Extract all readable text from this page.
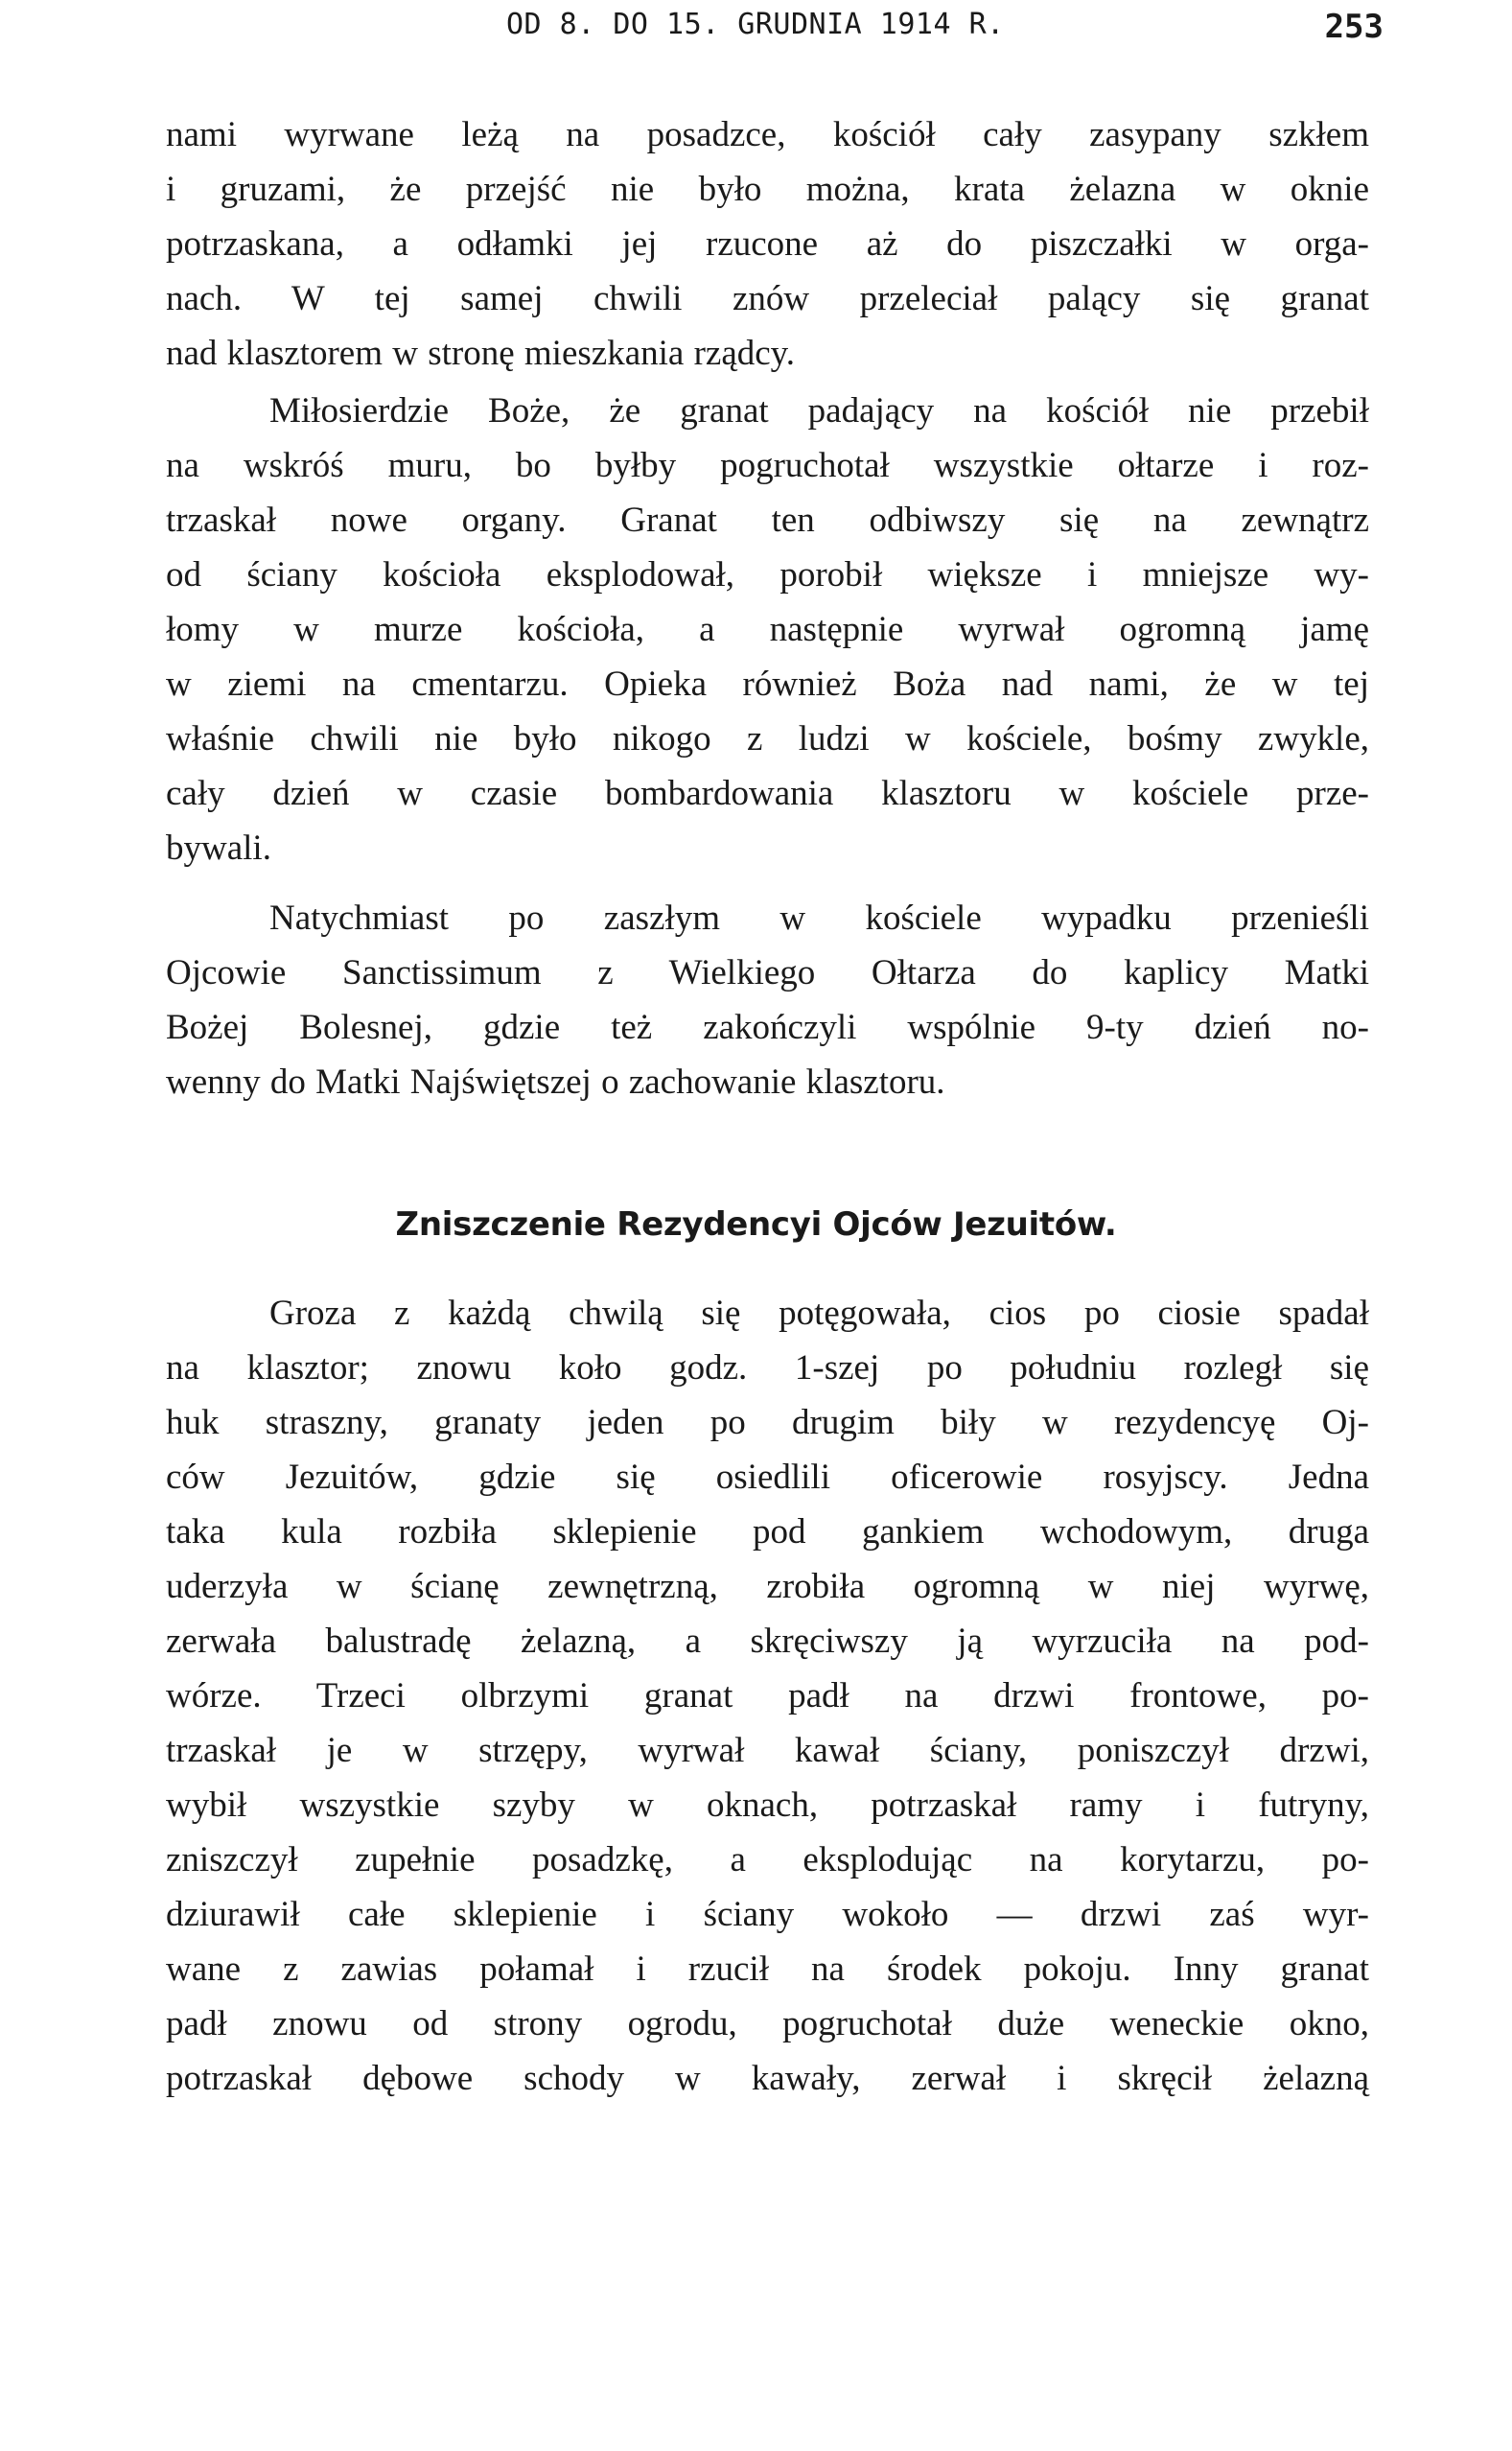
OD 8. DO 15. GRUDNIA 1914 R.	253
nami wyrwane leżą na posadzce, kościół cały zasypany szkłem
i gruzami, że przejść nie było można, krata żelazna w oknie
potrzaskana, a odłamki jej rzucone aż do piszczałki w orga-
nach. W tej samej chwili znów przeleciał palący się granat
nad klasztorem w stronę mieszkania rządcy.
Miłosierdzie Boże, że granat padający na kościół nie przebił
na wskróś muru, bo byłby pogruchotał wszystkie ołtarze i roz-
trzaskał nowe organy. Granat ten odbiwszy się na zewnątrz
od ściany kościoła eksplodował, porobił większe i mniejsze wy-
łomy w murze kościoła, a następnie wyrwał ogromną jamę
w ziemi na cmentarzu. Opieka również Boża nad nami, że w tej
właśnie chwili nie było nikogo z ludzi w kościele, bośmy zwykle,
cały dzień w czasie bombardowania klasztoru w kościele prze-
bywali.
Natychmiast po zaszłym w kościele wypadku przenieśli
Ojcowie Sanctissimum z Wielkiego Ołtarza do kaplicy Matki
Bożej Bolesnej, gdzie też zakończyli wspólnie 9-ty dzień no-
wenny do Matki Najświętszej o zachowanie klasztoru.
Zniszczenie Rezydencyi Ojców Jezuitów.
Groza z każdą chwilą się potęgowała, cios po ciosie spadał
na klasztor; znowu koło godz. 1-szej po południu rozległ się
huk straszny, granaty jeden po drugim biły w rezydencyę Oj-
ców Jezuitów, gdzie się osiedlili oficerowie rosyjscy. Jedna
taka kula rozbiła sklepienie pod gankiem wchodowym, druga
uderzyła w ścianę zewnętrzną, zrobiła ogromną w niej wyrwę,
zerwała balustradę żelazną, a skręciwszy ją wyrzuciła na pod-
wórze. Trzeci olbrzymi granat padł na drzwi frontowe, po-
trzaskał je w strzępy, wyrwał kawał ściany, poniszczył drzwi,
wybił wszystkie szyby w oknach, potrzaskał ramy i futryny,
zniszczył zupełnie posadzkę, a eksplodując na korytarzu, po-
dziurawił całe sklepienie i ściany wokoło — drzwi zaś wyr-
wane z zawias połamał i rzucił na środek pokoju. Inny granat
padł znowu od strony ogrodu, pogruchotał duże weneckie okno,
potrzaskał dębowe schody w kawały, zerwał i skręcił żelazną
